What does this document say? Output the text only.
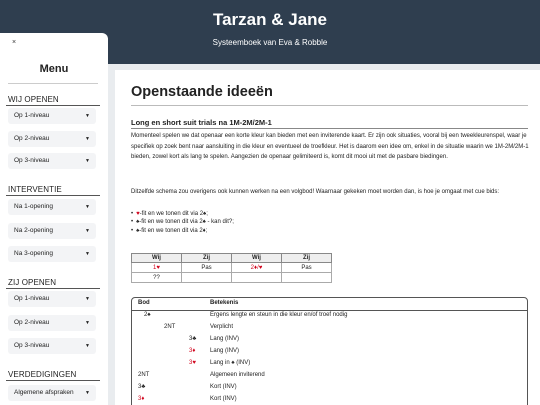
Tarzan & Jane
Systeemboek van Eva & Robble
×
Menu
WIJ OPENEN
Op 1-niveau	▼
Op 2-niveau	▼
Op 3-niveau	▼
INTERVENTIE
Na 1-opening	▼
Na 2-opening	▼
Na 3-opening	▼
ZIJ OPENEN
Op 1-niveau	▼
Op 2-niveau	▼
Op 3-niveau	▼
VERDEDIGINGEN
Algemene afspraken ▼
Openstaande ideeën
Long en short suit trials na 1M-2M/2M-1
Momenteel spelen we dat openaar een korte kleur kan bieden met een inviterende kaart. Er zijn ook situaties, vooral bij een tweekleurenspel, waar je specifiek op zoek bent naar aansluiting in die kleur en eventueel de troefkleur. Het is daarom een idee om, enkel in de situatie waarin we 1M-2M/2M-1 bieden, zowel kort als lang te spelen. Aangezien de openaar gelimiteerd is, komt dit mooi uit met de pasbare biedingen.
Ditzelfde schema zou overigens ook kunnen werken na een volgbod! Waarnaar gekeken moet worden dan, is hoe je omgaat met cue bids:
• ♥-fit en we tonen dit via 2♠;
• ♠-fit en we tonen dit via 2♠ - kan dit?;
• ♠-fit en we tonen dit via 2♦;
Wij	Zij	Wij	Zij
1♥	Pas	2♦/♥	Pas
??			
Bod	Betekenis
2♠	Ergens lengte en steun in die kleur en/of troef nodig
2NT	Verplicht
3♣ Lang (INV)
3♦ Lang (INV)
3♥ Lang in ♠ (INV)
2NT	Algemeen inviterend
3♣	Kort (INV)
3♦	Kort (INV)
